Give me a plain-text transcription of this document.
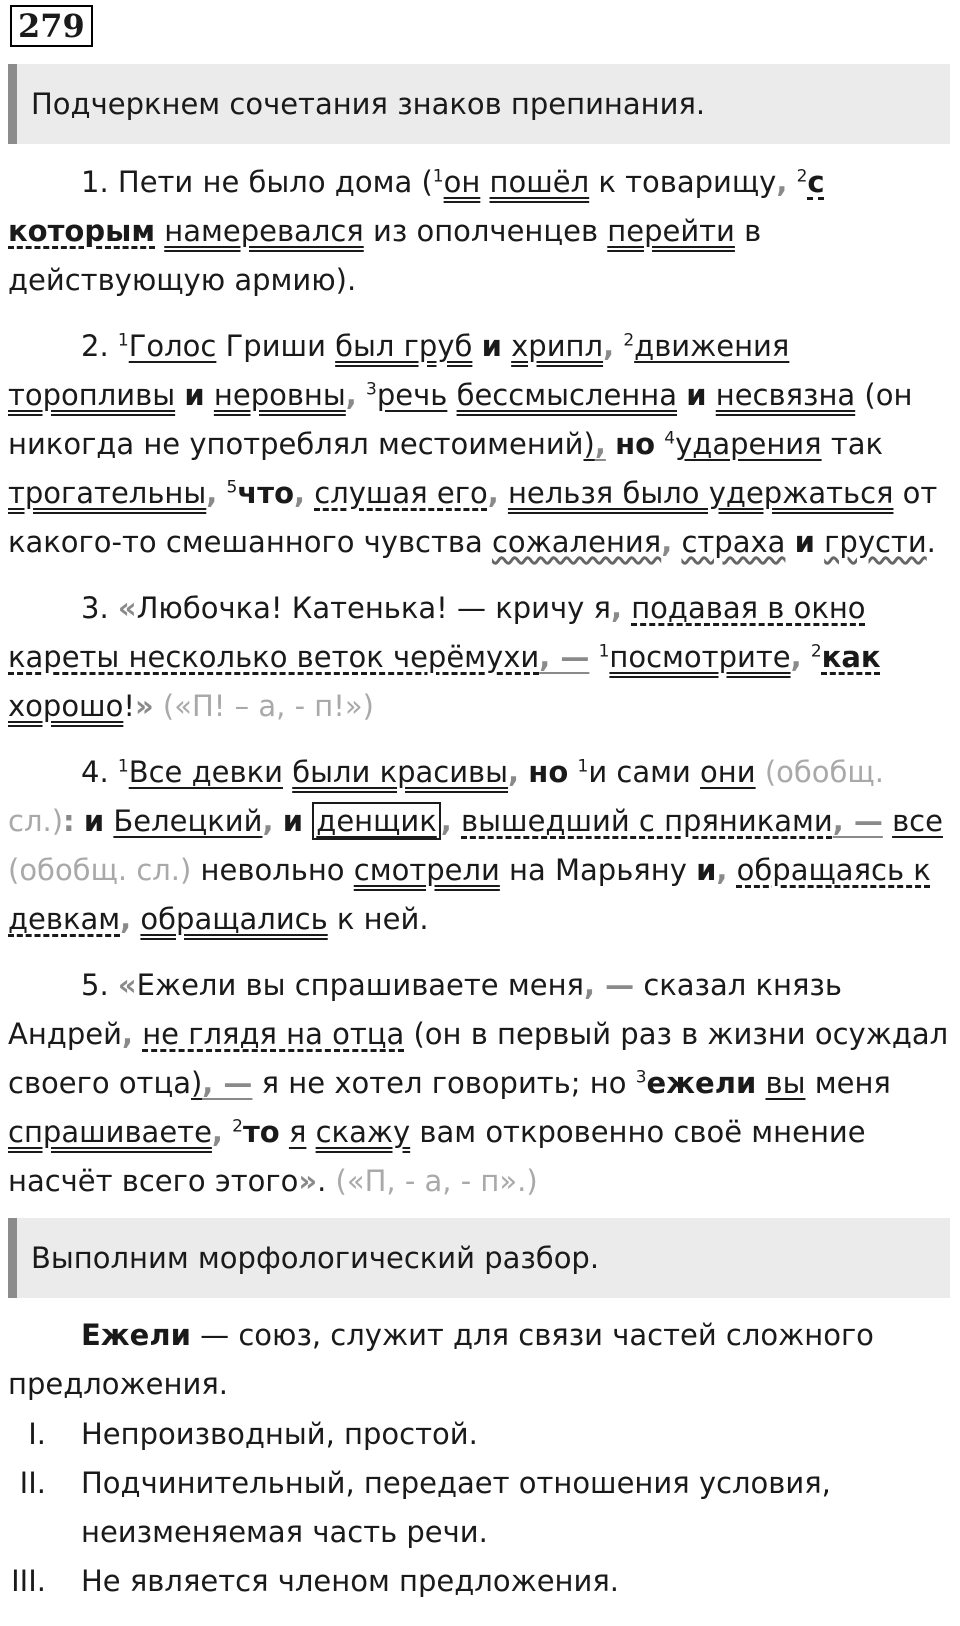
279
Подчеркнем сочетания знаков препинания.

1. Пети не было дома ($^1$он пошёл к товарищу, $^2$с которым намеревался из ополченцев перейти в действующую армию).

2. $^1$Голос Гриши был груб и хрипл, $^2$движения торопливы и неровны, $^3$речь бессмысленна и несвязна (он никогда не употреблял местоимений), но $^4$ударения так трогательны, $^5$что, слушая его, нельзя было удержаться от какого-то смешанного чувства сожаления, страха и грусти.

3. «Любочка! Катенька! — кричу я, подавая в окно кареты несколько веток черёмухи, — $^1$посмотрите, $^2$как хорошо!» («П! – а, - п!»)

4. $^1$Все девки были красивы, но $^1$и сами они (обобщ. сл.): и Белецкий, и денщик , вышедший с пряниками, — все (обобщ. сл.) невольно смотрели на Марьяну и, обращаясь к девкам, обращались к ней.

5. «Ежели вы спрашиваете меня, — сказал князь Андрей, не глядя на отца (он в первый раз в жизни осуждал своего отца), — я не хотел говорить; но $^3$ежели вы меня спрашиваете, $^2$то я скажу вам откровенно своё мнение насчёт всего этого». («П, - а, - п».)

Выполним морфологический разбор.

Ежели — союз, служит для связи частей сложного предложения.

I. Непроизводный, простой.
II. Подчинительный, передает отношения условия, неизменяемая часть речи.
III. Не является членом предложения.
